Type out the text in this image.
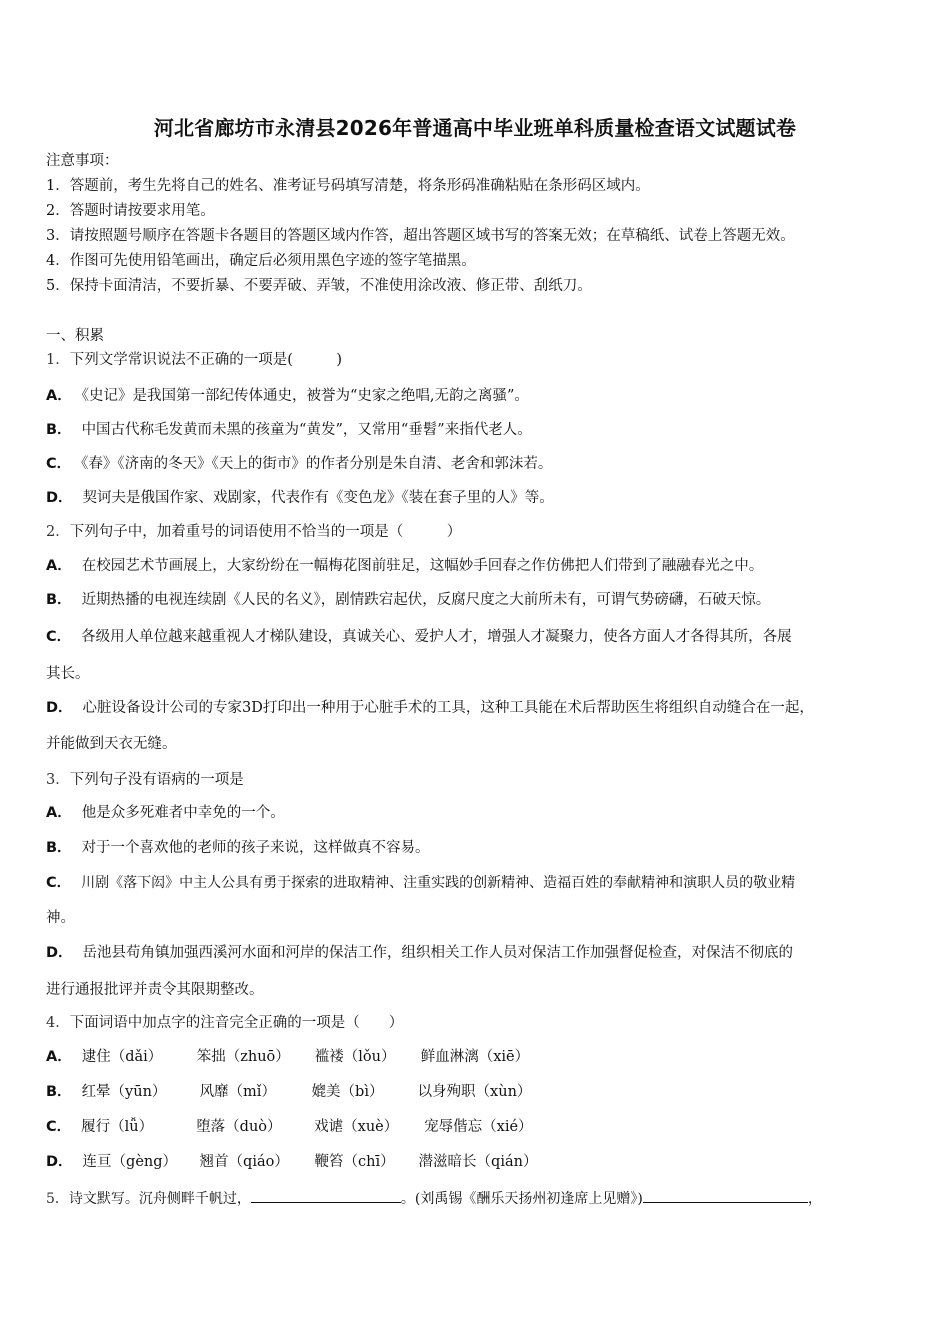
河北省廊坊市永清县2026年普通高中毕业班单科质量检查语文试题试卷
注意事项：
1．答题前，考生先将自己的姓名、准考证号码填写清楚，将条形码准确粘贴在条形码区域内。
2．答题时请按要求用笔。
3．请按照题号顺序在答题卡各题目的答题区域内作答，超出答题区域书写的答案无效；在草稿纸、试卷上答题无效。
4．作图可先使用铅笔画出，确定后必须用黑色字迹的签字笔描黑。
5．保持卡面清洁，不要折暴、不要弄破、弄皱，不准使用涂改液、修正带、刮纸刀。
一、积累
1．下列文学常识说法不正确的一项是(　　　)
A． 《史记》是我国第一部纪传体通史，被誉为“史家之绝唱,无韵之离骚”。
B． 中国古代称毛发黄而未黑的孩童为“黄发”，又常用“垂髫”来指代老人。
C． 《春》《济南的冬天》《天上的街市》的作者分别是朱自清、老舍和郭沫若。
D． 契诃夫是俄国作家、戏剧家，代表作有《变色龙》《装在套子里的人》等。
2．下列句子中，加着重号的词语使用不恰当的一项是（　　　）
A． 在校园艺术节画展上，大家纷纷在一幅梅花图前驻足，这幅妙手回春之作仿佛把人们带到了融融春光之中。
B． 近期热播的电视连续剧《人民的名义》，剧情跌宕起伏，反腐尺度之大前所未有，可谓气势磅礴，石破天惊。
C． 各级用人单位越来越重视人才梯队建设，真诚关心、爱护人才，增强人才凝聚力，使各方面人才各得其所，各展
其长。
D． 心脏设备设计公司的专家3D打印出一种用于心脏手术的工具，这种工具能在术后帮助医生将组织自动缝合在一起，
并能做到天衣无缝。
3．下列句子没有语病的一项是
A． 他是众多死难者中幸免的一个。
B． 对于一个喜欢他的老师的孩子来说，这样做真不容易。
C． 川剧《落下闳》中主人公具有勇于探索的进取精神、注重实践的创新精神、造福百姓的奉献精神和演职人员的敬业精
神。
D． 岳池县苟角镇加强西溪河水面和河岸的保洁工作，组织相关工作人员对保洁工作加强督促检查，对保洁不彻底的
进行通报批评并责令其限期整改。
4．下面词语中加点字的注音完全正确的一项是（　　）
A． 逮住（dǎi） 笨拙（zhuō） 褴褛（lǒu） 鲜血淋漓（xiē）
B． 红晕（yūn） 风靡（mǐ） 媲美（bì） 以身殉职（xùn）
C． 履行（lǚ）	堕落（duò） 戏谑（xuè） 宠辱偕忘（xié）
D． 连亘（gèng） 翘首（qiáo） 鞭笞（chī） 潜滋暗长（qián）
5．诗文默写。沉舟侧畔千帆过，	。(刘禹锡《酬乐天扬州初逢席上见赠》)	，
